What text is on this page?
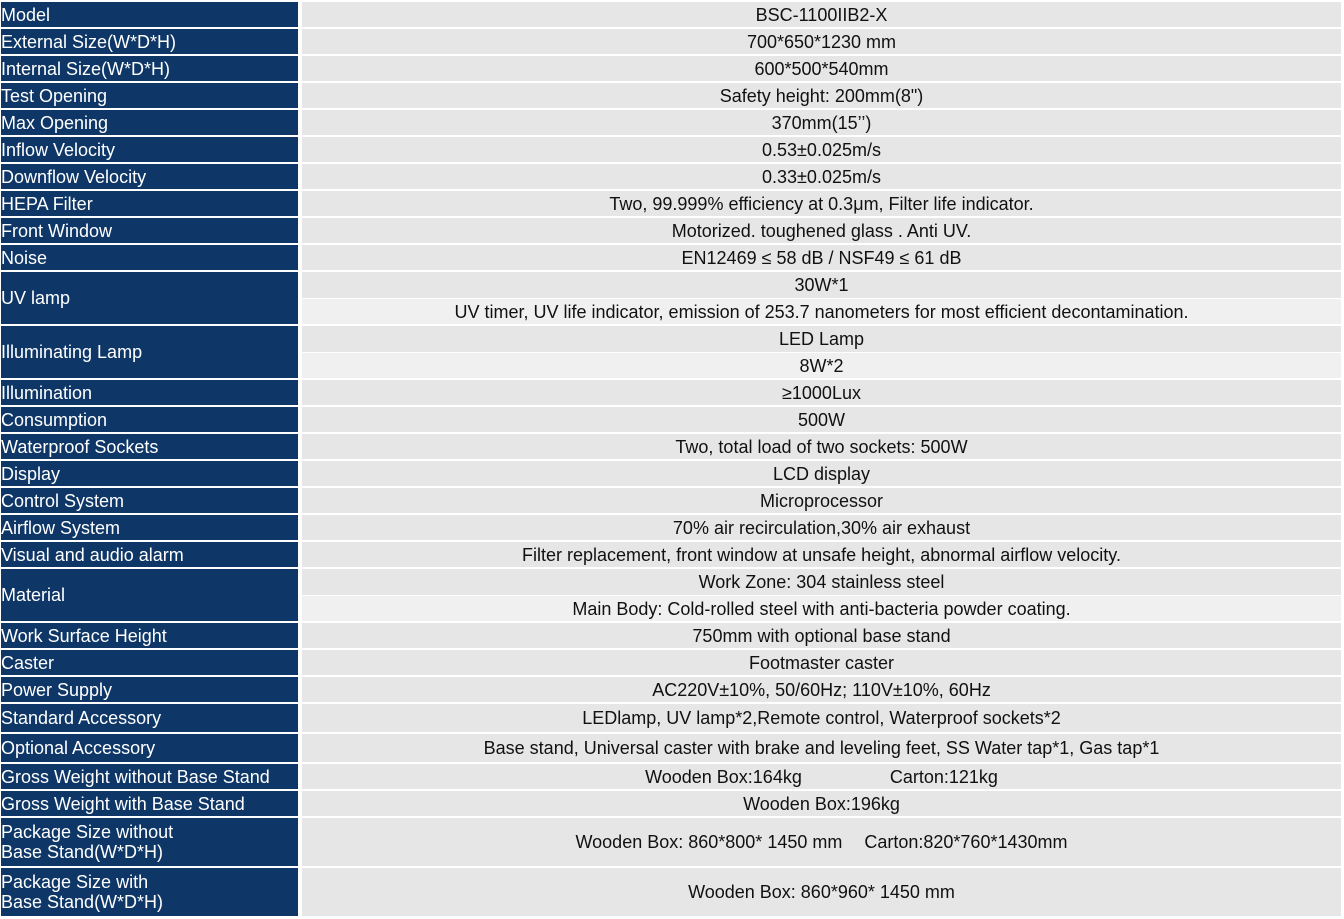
Model	BSC-1100IIB2-X

External Size(W*D*H)	700*650*1230 mm

Internal Size(W*D*H)	600*500*540mm

Test Opening	Safety height: 200mm(8")

Max Opening	370mm(15’’)

Inflow Velocity	0.53±0.025m/s

Downflow Velocity	0.33±0.025m/s

HEPA Filter	Two, 99.999% efficiency at 0.3μm, Filter life indicator.

Front Window	Motorized. toughened glass . Anti UV.

Noise	EN12469 ≤ 58 dB / NSF49 ≤ 61 dB

UV lamp	30W*1
	UV timer, UV life indicator, emission of 253.7 nanometers for most efficient decontamination.

Illuminating Lamp	LED Lamp
	8W*2

Illumination	≥1000Lux

Consumption	500W

Waterproof Sockets	Two, total load of two sockets: 500W

Display	LCD display

Control System	Microprocessor

Airflow System	70% air recirculation,30% air exhaust

Visual and audio alarm	Filter replacement, front window at unsafe height, abnormal airflow velocity.

Material	Work Zone: 304 stainless steel
	Main Body: Cold-rolled steel with anti-bacteria powder coating.

Work Surface Height	750mm with optional base stand

Caster	Footmaster caster

Power Supply	AC220V±10%, 50/60Hz; 110V±10%, 60Hz

Standard Accessory	LEDlamp, UV lamp*2,Remote control, Waterproof sockets*2

Optional Accessory	Base stand, Universal caster with brake and leveling feet, SS Water tap*1, Gas tap*1

Gross Weight without Base Stand	Wooden Box:164kg Carton:121kg

Gross Weight with Base Stand	Wooden Box:196kg

Package Size without
Base Stand(W*D*H)	Wooden Box: 860*800* 1450 mm Carton:820*760*1430mm

Package Size with
Base Stand(W*D*H)	Wooden Box: 860*960* 1450 mm
